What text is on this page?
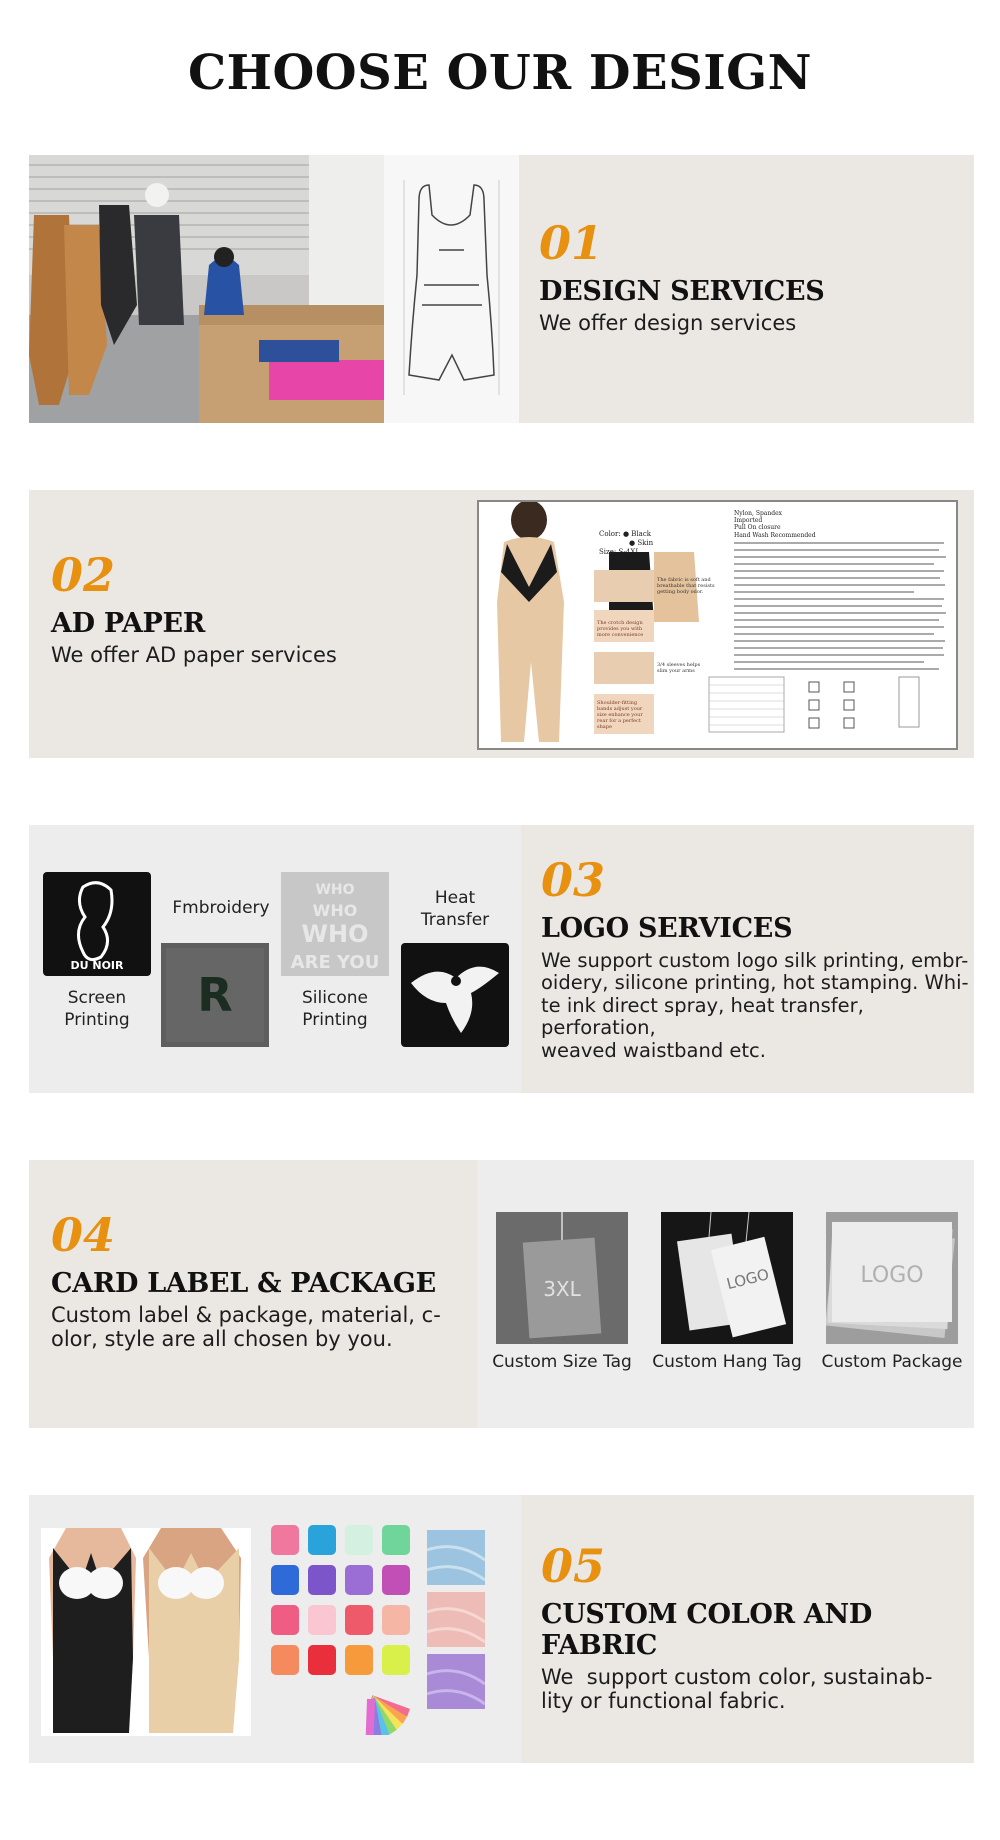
CHOOSE OUR DESIGN
01
DESIGN SERVICES
We offer design services
02
AD PAPER
We offer AD paper services
Color: ● Black
● Skin
Size: S-4XL
The fabric is soft and breathable that resists getting body odor.
The crotch design provides you with more convenience
3/4 sleeves helps slim your arms
Shoulder-fitting bands adjust your size enhance your rear for a perfect shape
Nylon, Spandex
Imported
Pull On closure
Hand Wash Recommended
DU NOIR
Screen
Printing
Fmbroidery
R
WHO
WHO
WHO
ARE YOU
Silicone
Printing
Heat
Transfer
03
LOGO SERVICES
We support custom logo silk printing, embr-
oidery, silicone printing, hot stamping. Whi-
te ink direct spray, heat transfer, perforation,
weaved waistband etc.
04
CARD LABEL & PACKAGE
Custom label & package, material, c-
olor, style are all chosen by you.
3XL
Custom Size Tag
LOGO
Custom Hang Tag
LOGO
Custom Package
05
CUSTOM COLOR AND FABRIC
We  support custom color, sustainab-
lity or functional fabric.
